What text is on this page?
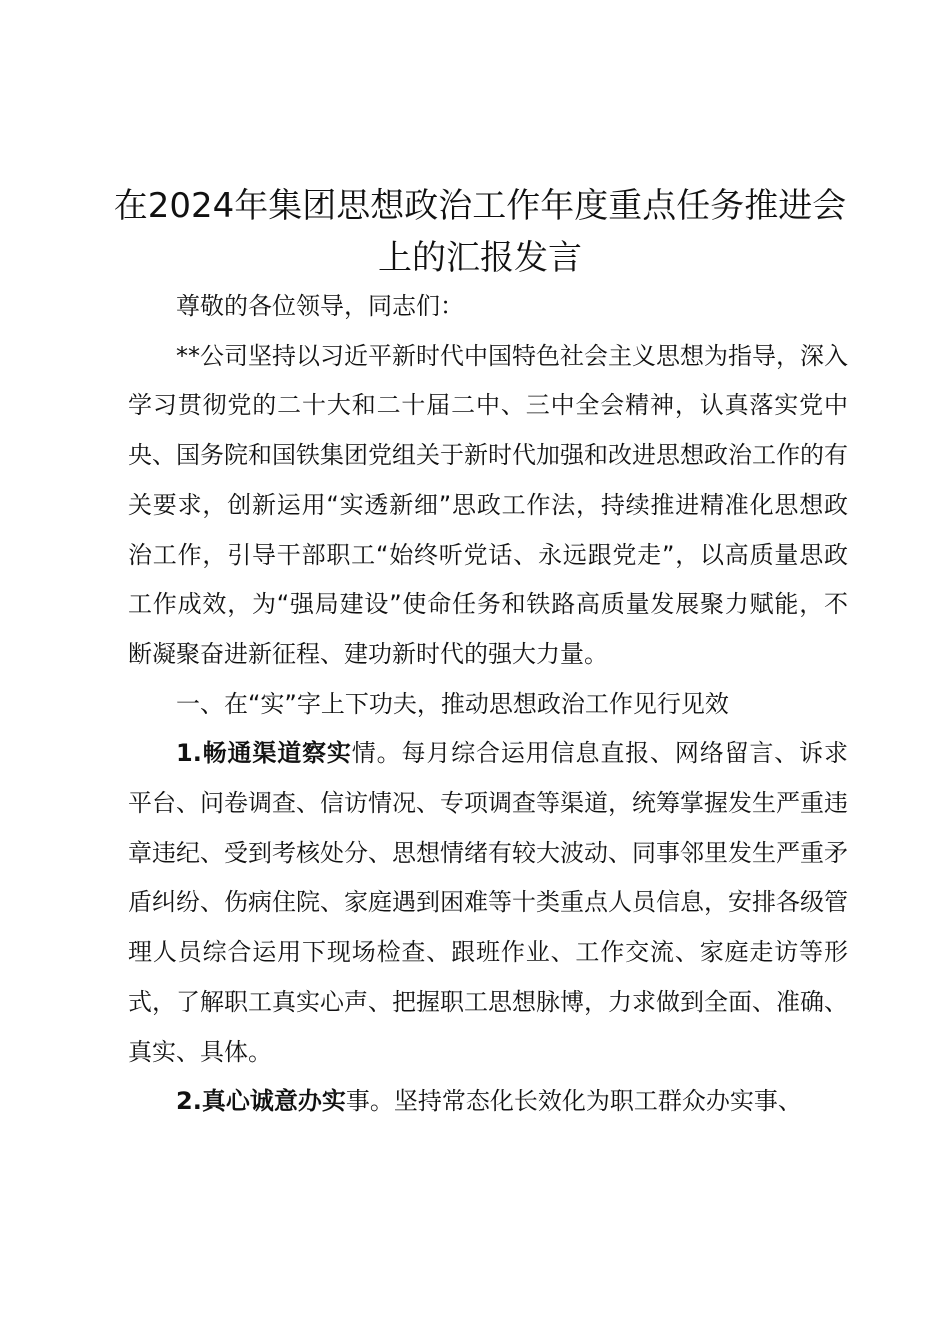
在2024年集团思想政治工作年度重点任务推进会上的汇报发言

尊敬的各位领导，同志们：

**公司坚持以习近平新时代中国特色社会主义思想为指导，深入学习贯彻党的二十大和二十届二中、三中全会精神，认真落实党中央、国务院和国铁集团党组关于新时代加强和改进思想政治工作的有关要求，创新运用“实透新细”思政工作法，持续推进精准化思想政治工作，引导干部职工“始终听党话、永远跟党走”，以高质量思政工作成效，为“强局建设”使命任务和铁路高质量发展聚力赋能，不断凝聚奋进新征程、建功新时代的强大力量。

一、在“实”字上下功夫，推动思想政治工作见行见效

1.畅通渠道察实情。每月综合运用信息直报、网络留言、诉求平台、问卷调查、信访情况、专项调查等渠道，统筹掌握发生严重违章违纪、受到考核处分、思想情绪有较大波动、同事邻里发生严重矛盾纠纷、伤病住院、家庭遇到困难等十类重点人员信息，安排各级管理人员综合运用下现场检查、跟班作业、工作交流、家庭走访等形式，了解职工真实心声、把握职工思想脉博，力求做到全面、准确、真实、具体。

2.真心诚意办实事。坚持常态化长效化为职工群众办实事、
